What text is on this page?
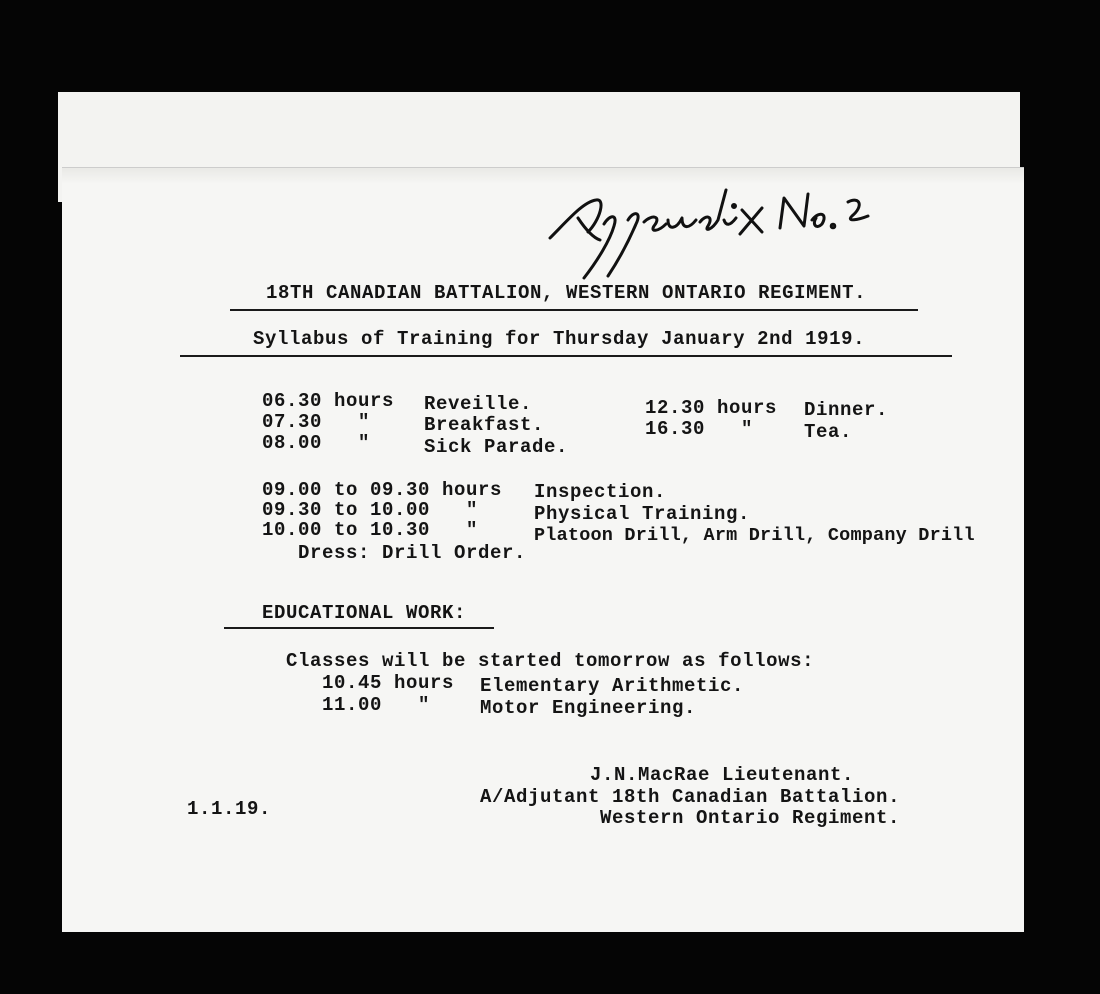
18TH CANADIAN BATTALION, WESTERN ONTARIO REGIMENT.
Syllabus of Training for Thursday January 2nd 1919.
06.30 hours Reveille.
07.30   "	Breakfast.
08.00   "	Sick Parade.
12.30 hours Dinner.
16.30   "	Tea.
09.00 to 09.30 hours Inspection.
09.30 to 10.00   "	Physical Training.
10.00 to 10.30   "	Platoon Drill, Arm Drill, Company Drill
Dress: Drill Order.
EDUCATIONAL WORK:
Classes will be started tomorrow as follows:
10.45 hours Elementary Arithmetic.
11.00   "	Motor Engineering.
J.N.MacRae Lieutenant.
A/Adjutant 18th Canadian Battalion.
Western Ontario Regiment.
1.1.19.
